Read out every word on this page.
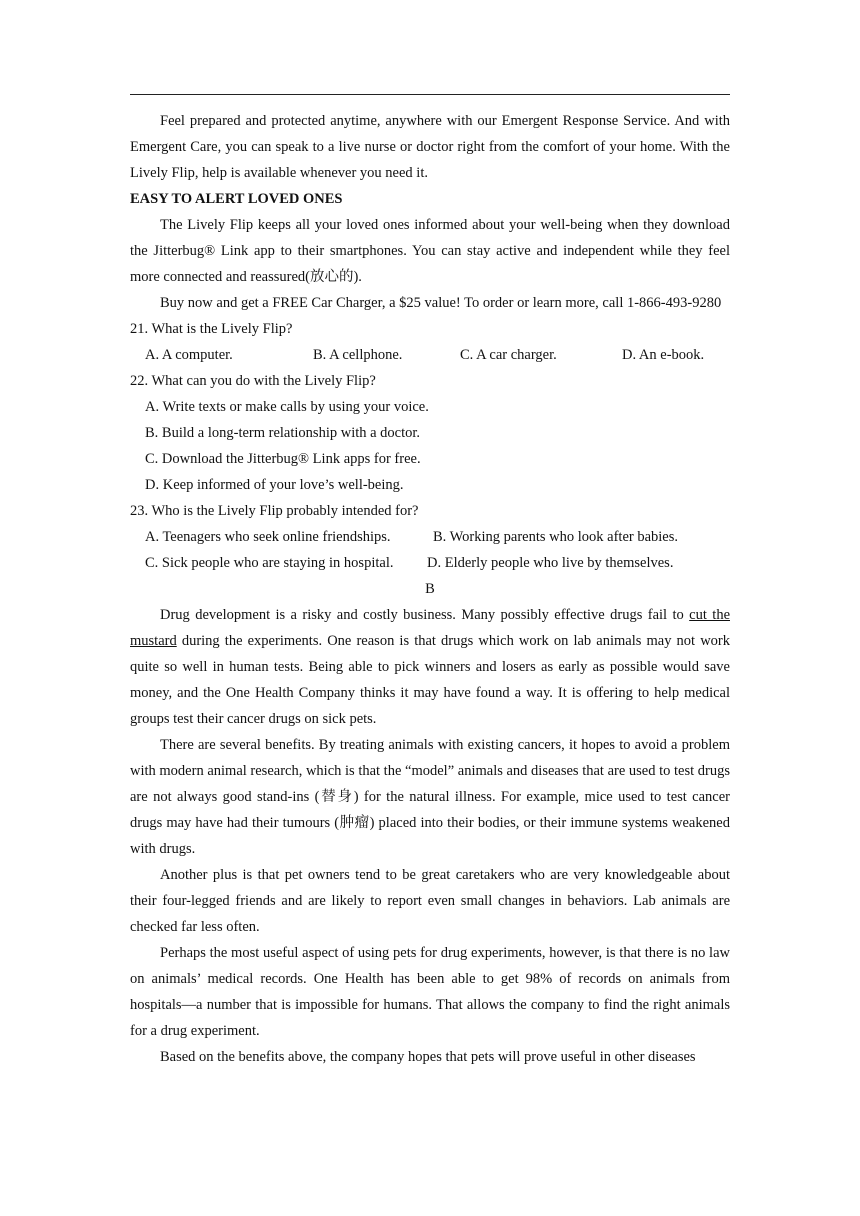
Feel prepared and protected anytime, anywhere with our Emergent Response Service. And with Emergent Care, you can speak to a live nurse or doctor right from the comfort of your home. With the Lively Flip, help is available whenever you need it.

EASY TO ALERT LOVED ONES

The Lively Flip keeps all your loved ones informed about your well-being when they download the Jitterbug® Link app to their smartphones. You can stay active and independent while they feel more connected and reassured(放心的).

Buy now and get a FREE Car Charger, a $25 value! To order or learn more, call 1-866-493-9280

21. What is the Lively Flip?

A. A computer.	B. A cellphone.	C. A car charger.	D. An e-book.

22. What can you do with the Lively Flip?

A. Write texts or make calls by using your voice.

B. Build a long-term relationship with a doctor.

C. Download the Jitterbug® Link apps for free.

D. Keep informed of your love’s well-being.

23. Who is the Lively Flip probably intended for?

A. Teenagers who seek online friendships.	B. Working parents who look after babies.
C. Sick people who are staying in hospital.	D. Elderly people who live by themselves.

B

Drug development is a risky and costly business. Many possibly effective drugs fail to cut the mustard during the experiments. One reason is that drugs which work on lab animals may not work quite so well in human tests. Being able to pick winners and losers as early as possible would save money, and the One Health Company thinks it may have found a way. It is offering to help medical groups test their cancer drugs on sick pets.

There are several benefits. By treating animals with existing cancers, it hopes to avoid a problem with modern animal research, which is that the “model” animals and diseases that are used to test drugs are not always good stand-ins (替身) for the natural illness. For example, mice used to test cancer drugs may have had their tumours (肿瘤) placed into their bodies, or their immune systems weakened with drugs.

Another plus is that pet owners tend to be great caretakers who are very knowledgeable about their four-legged friends and are likely to report even small changes in behaviors. Lab animals are checked far less often.

Perhaps the most useful aspect of using pets for drug experiments, however, is that there is no law on animals’ medical records. One Health has been able to get 98% of records on animals from hospitals—a number that is impossible for humans. That allows the company to find the right animals for a drug experiment.

Based on the benefits above, the company hopes that pets will prove useful in other diseases
